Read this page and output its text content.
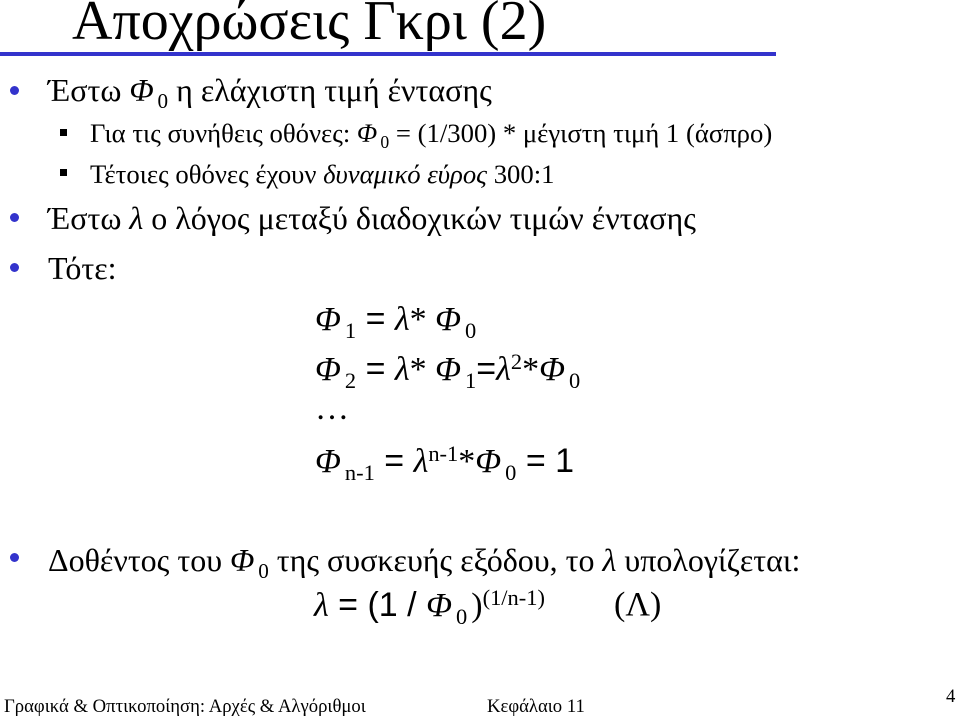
Αποχρώσεις Γκρι (2)
Έστω Φ $_0$ η ελάχιστη τιμή έντασης
Για τις συνήθεις οθόνες: Φ $_0$ = (1/300) * μέγιστη τιμή 1 (άσπρο)
Τέτοιες οθόνες έχουν δυναμικό εύρος 300:1
Έστω λ ο λόγος μεταξύ διαδοχικών τιμών έντασης
Τότε:
Φ $_1$ = λ* Φ $_0$
Φ $_2$ = λ* Φ $_1=\lambda^2*\Phi$ $_0$
…
Φ $_{n-1} = \lambda^{n-1}*\Phi$ $_0$ = 1
Δοθέντος του Φ $_0$ της συσκευής εξόδου, το λ υπολογίζεται:
λ = (1 / Φ $_0$ )$^{(1/n-1)}$ (Λ)
Γραφικά & Οπτικοποίηση: Αρχές & Αλγόριθμοι	Κεφάλαιο 11	4
